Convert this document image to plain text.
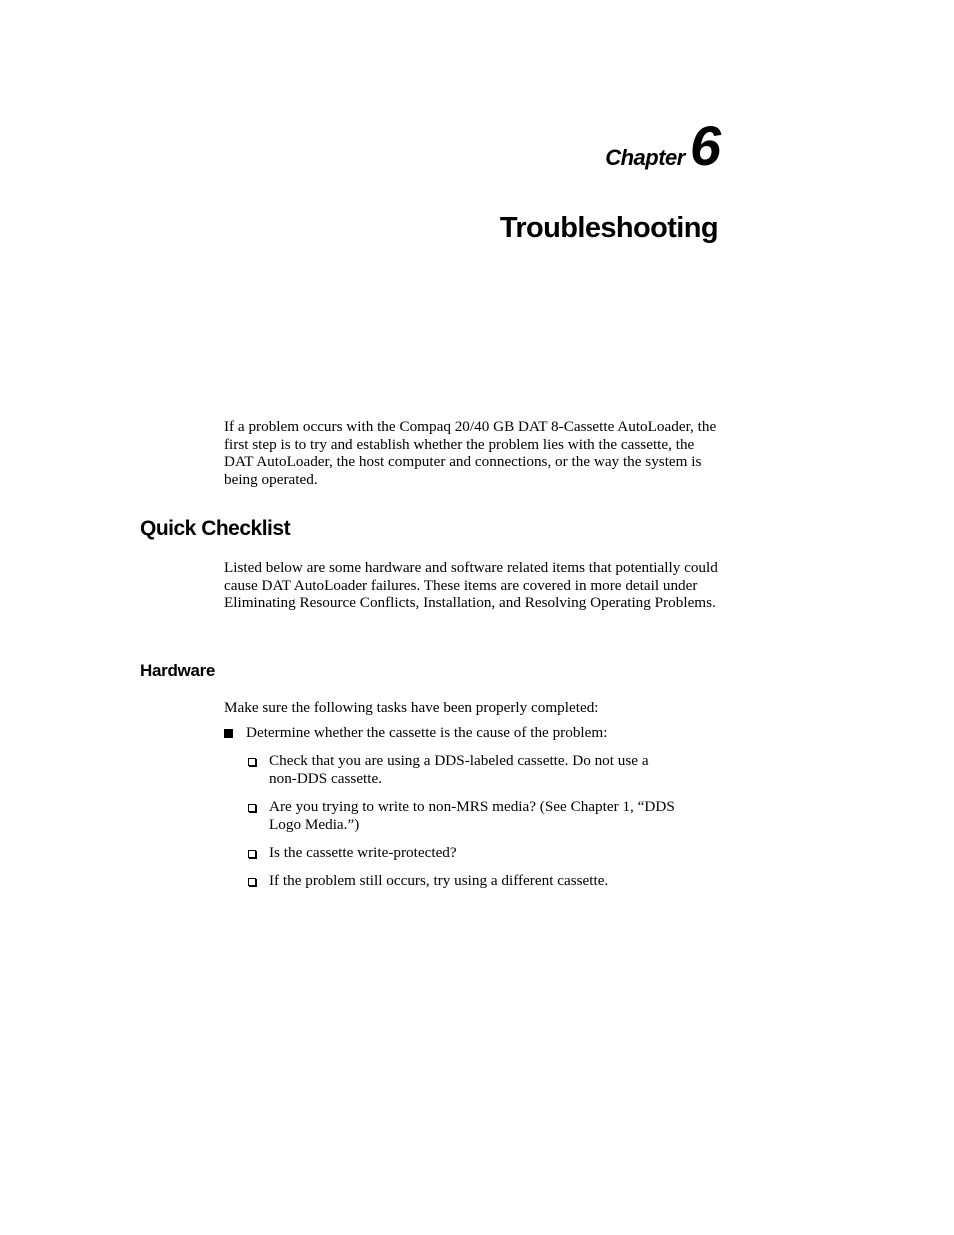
Chapter 6
Troubleshooting

If a problem occurs with the Compaq 20/40 GB DAT 8-Cassette AutoLoader, the first step is to try and establish whether the problem lies with the cassette, the DAT AutoLoader, the host computer and connections, or the way the system is being operated.

Quick Checklist

Listed below are some hardware and software related items that potentially could cause DAT AutoLoader failures. These items are covered in more detail under Eliminating Resource Conflicts, Installation, and Resolving Operating Problems.

Hardware

Make sure the following tasks have been properly completed:

Determine whether the cassette is the cause of the problem:
Check that you are using a DDS-labeled cassette. Do not use a
non-DDS cassette.
Are you trying to write to non-MRS media? (See Chapter 1, “DDS
Logo Media.”)
Is the cassette write-protected?
If the problem still occurs, try using a different cassette.
